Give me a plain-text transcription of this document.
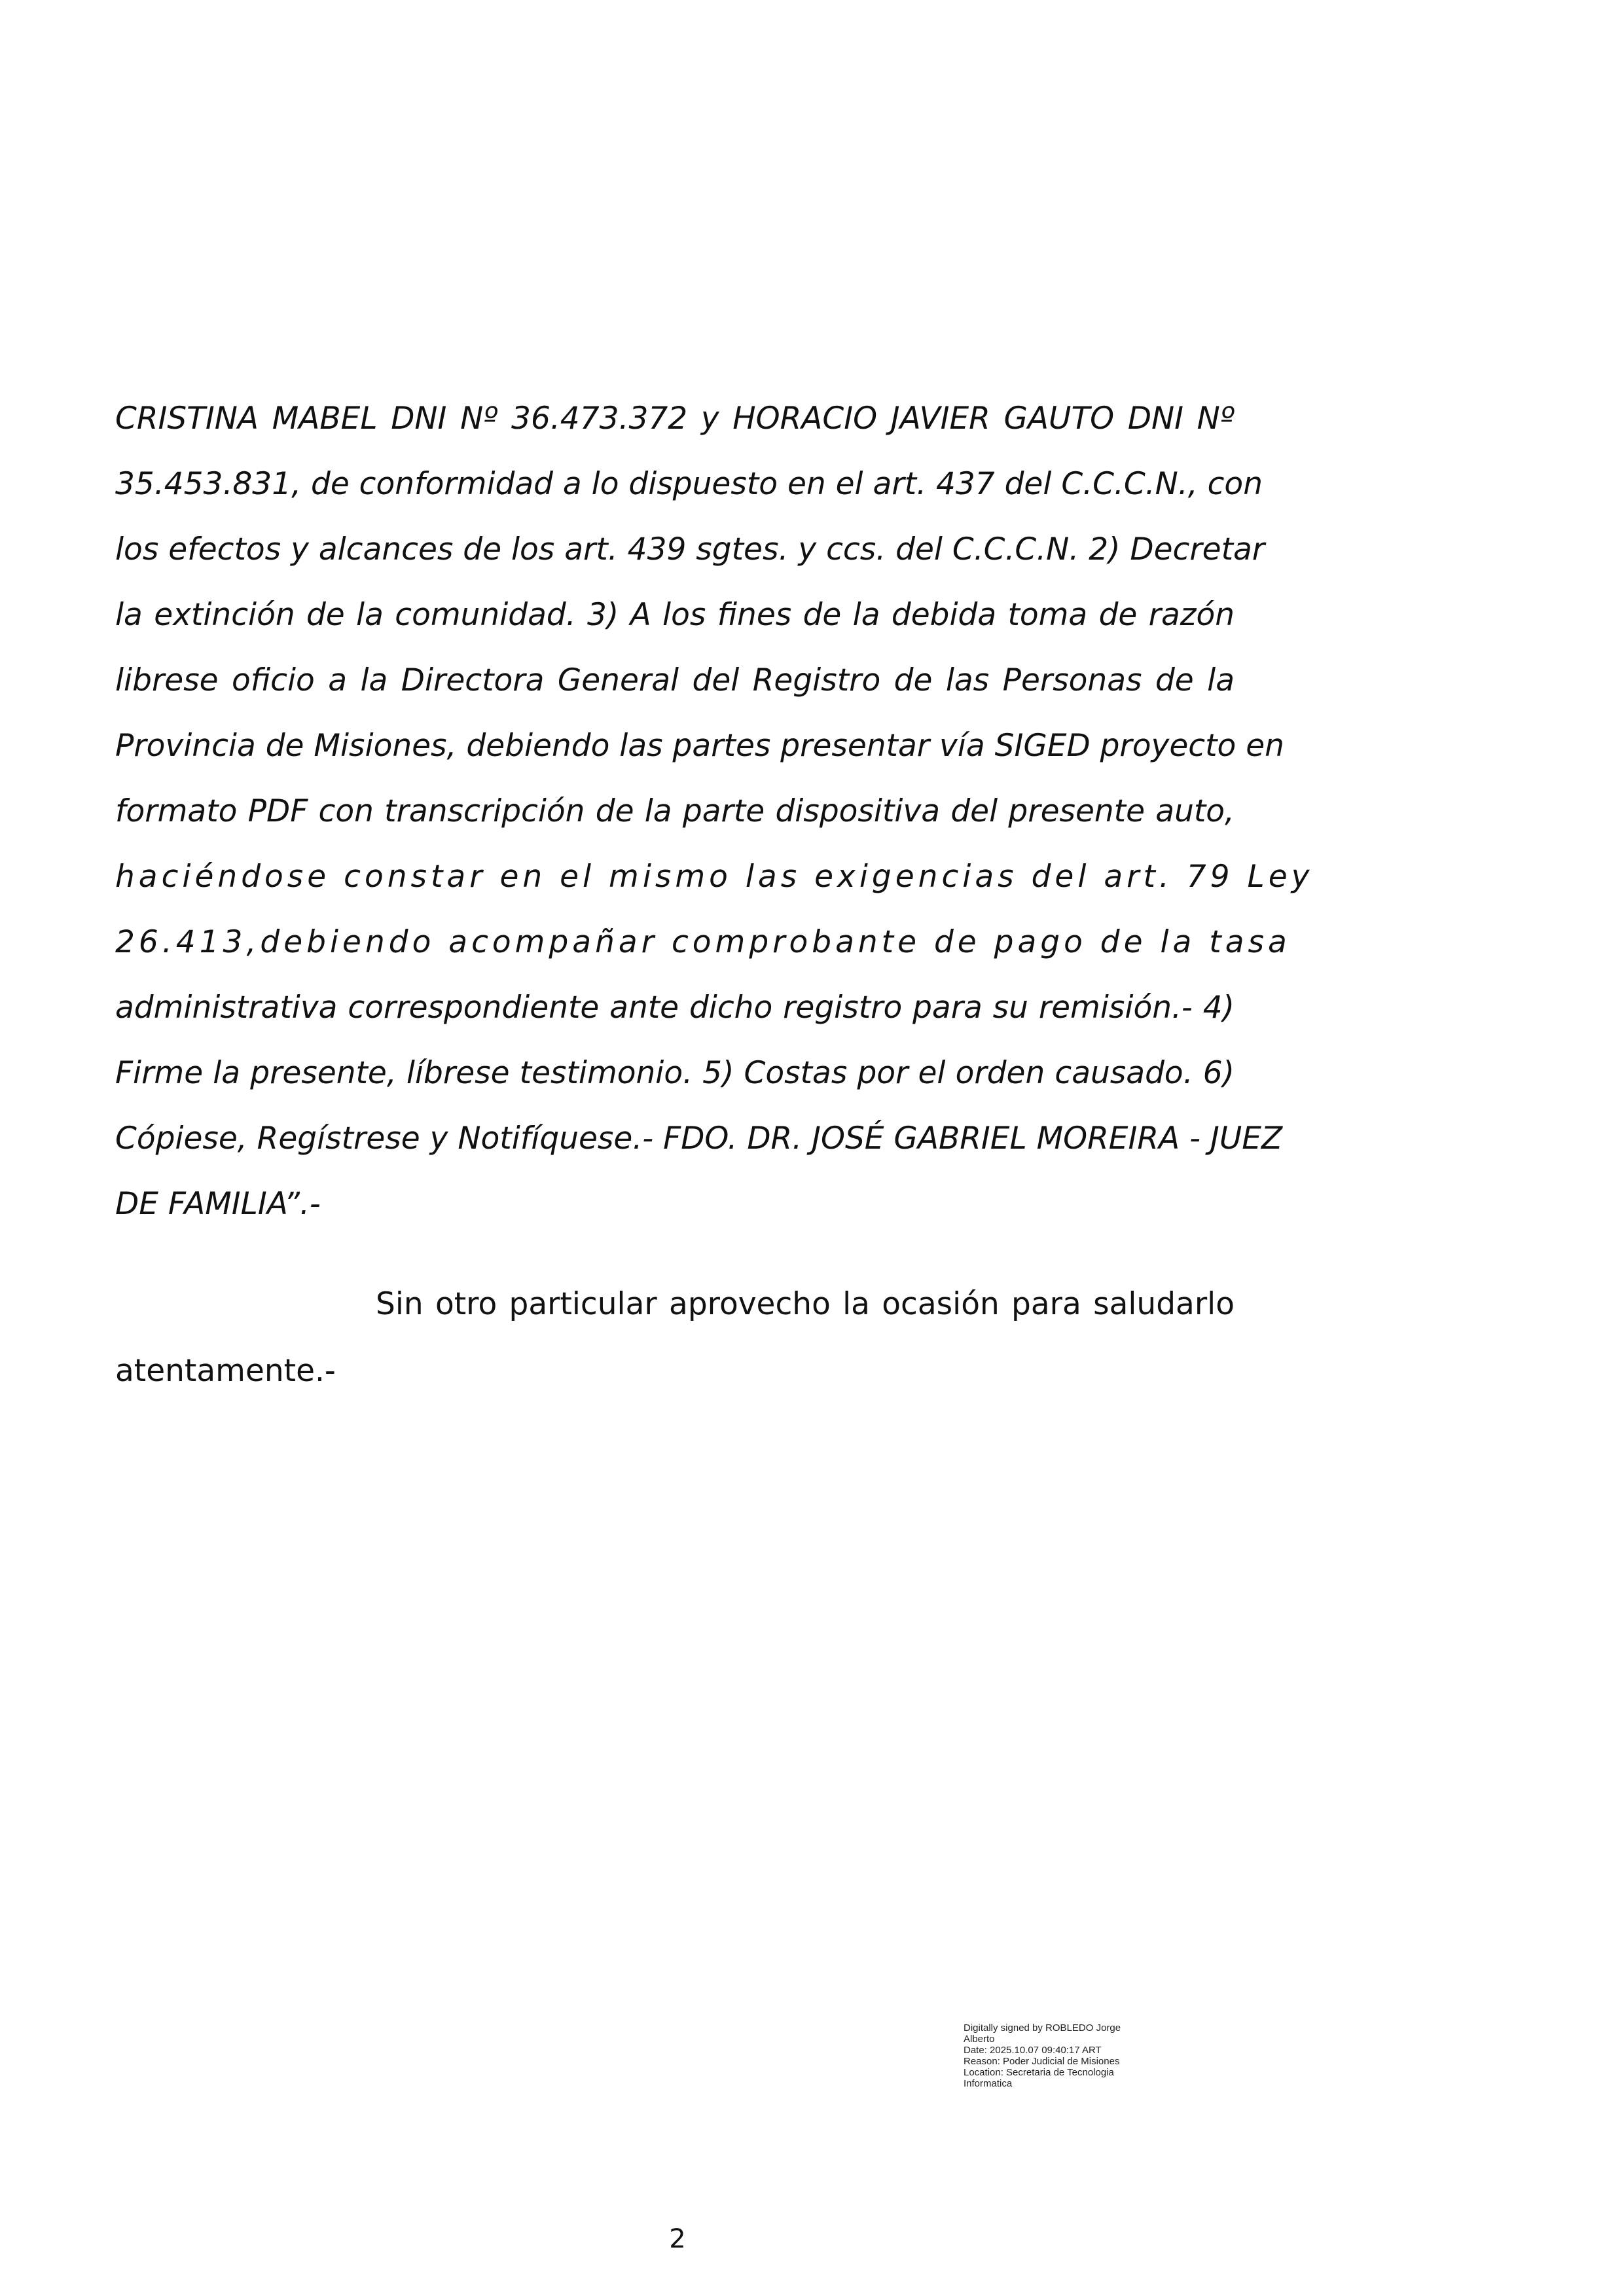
CRISTINA MABEL DNI Nº 36.473.372 y HORACIO JAVIER GAUTO DNI Nº
35.453.831, de conformidad a lo dispuesto en el art. 437 del C.C.C.N., con
los efectos y alcances de los art. 439 sgtes. y ccs. del C.C.C.N. 2) Decretar
la extinción de la comunidad. 3) A los fines de la debida toma de razón
librese oficio a la Directora General del Registro de las Personas de la
Provincia de Misiones, debiendo las partes presentar vía SIGED proyecto en
formato PDF con transcripción de la parte dispositiva del presente auto,
haciéndose constar en el mismo las exigencias del art. 79 Ley
26.413,debiendo acompañar comprobante de pago de la tasa
administrativa correspondiente ante dicho registro para su remisión.- 4)
Firme la presente, líbrese testimonio. 5) Costas por el orden causado. 6)
Cópiese, Regístrese y Notifíquese.- FDO. DR. JOSÉ GABRIEL MOREIRA - JUEZ
DE FAMILIA”.-
Sin otro particular aprovecho la ocasión para saludarlo
atentamente.-
Digitally signed by ROBLEDO Jorge
Alberto
Date: 2025.10.07 09:40:17 ART
Reason: Poder Judicial de Misiones
Location: Secretaria de Tecnologia
Informatica
2
